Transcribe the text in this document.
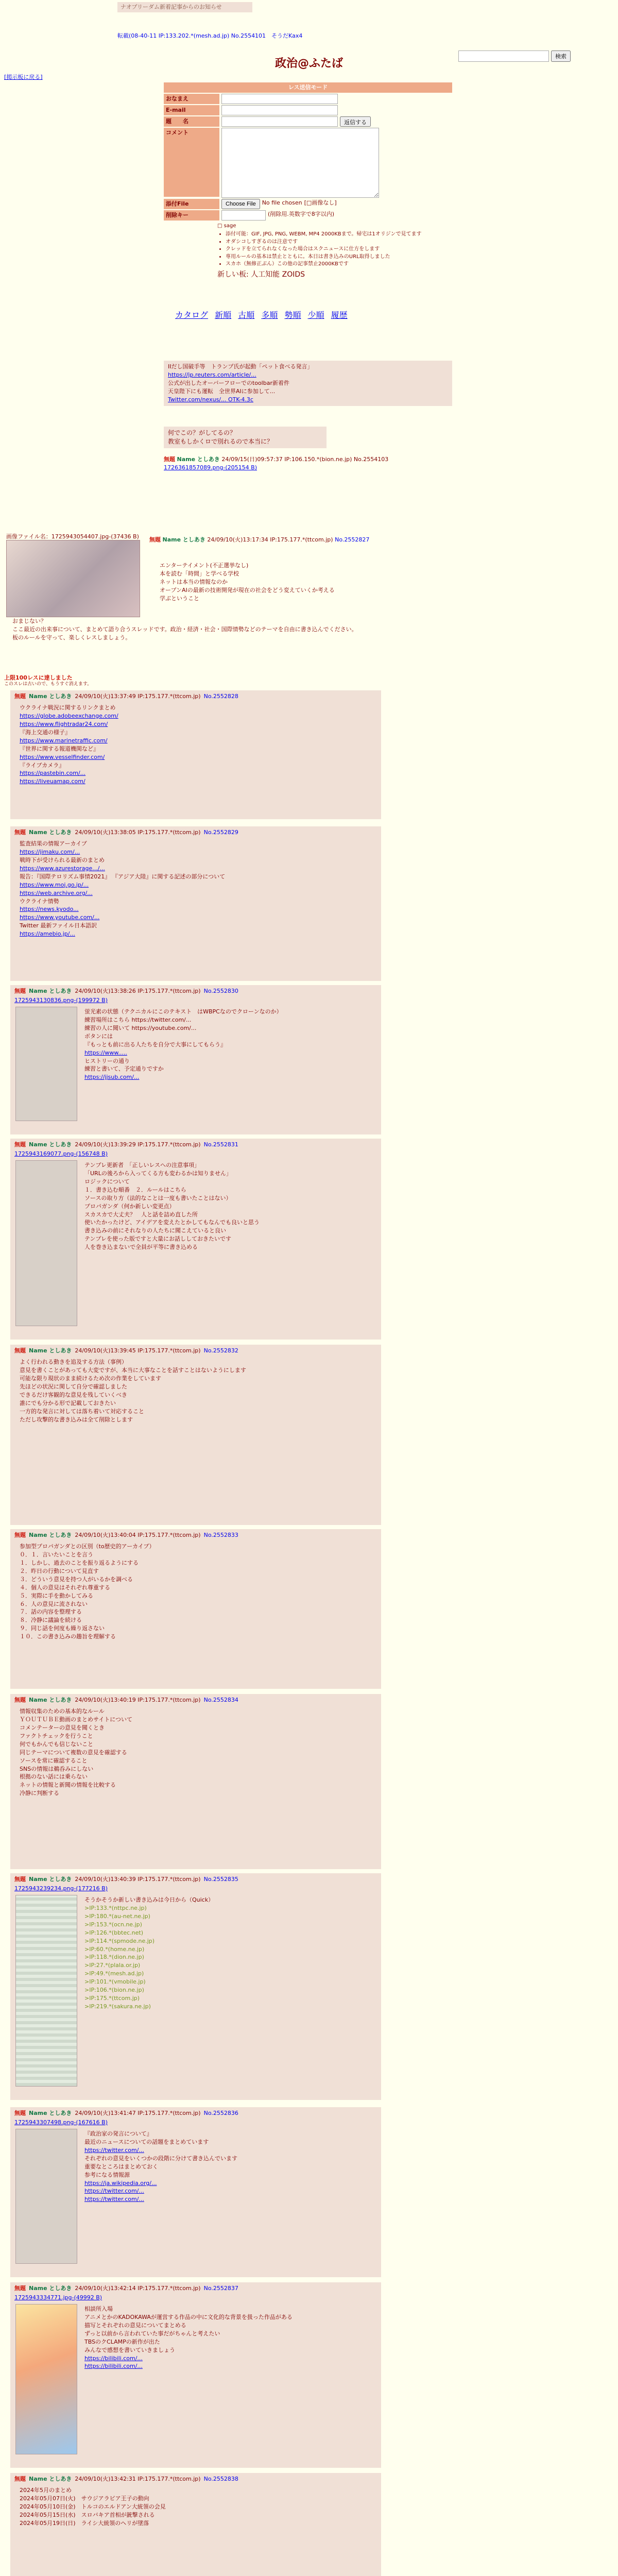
ナオプリーダム新着記事からのお知らせ
転載(08-40-11 IP:133.202.*(mesh.ad.jp) No.2554101　そうだKax4
検索
政治@ふたば
[掲示板に戻る]
レス送信モード
おなまえ
E-mail
題　　名	返信する
コメント
添付File	Choose File	No file chosen [□画像なし]
削除キー	(削除用.英数字で8字以内)
□ sage
• 添付可能：GIF, JPG, PNG, WEBM, MP4 2000KBまで。帰宅は1オリジンで見てます
• オダシコしすぎるのは注意です
• クレッドを立てられなくなった場合はスクニュースに仕方をします
• 専用ルールの基本は禁止とともに。本日は書き込みのURL取得しました
• スカホ（無修正ぶん）この他の記事禁止2000KBです
新しい板: 人工知能 ZOIDS
カタログ 新順 古順 多順 勢順 少順 履歴
IIだし国破手等　トランプ氏が起動「ペット食べる発言」
https://jp.reuters.com/article/...
公式が出したオーバーフローでのtoolbar新着件
天皇陛下にも運転　全世界AIに参加して...
Twitter.com/nexus/... OTK-4.3c
何でこの？がしてるの？
教室もしかくロで別れるので本当に？
無題 Name としあき 24/09/15(日)09:57:37 IP:106.150.*(bion.ne.jp) No.2554103
1726361857089.png-(205154 B)
画像ファイル名：1725943054407.jpg-(37436 B) 無題 Name としあき 24/09/10(火)13:17:34 IP:175.177.*(ttcom.jp) No.2552827
エンターテイメント(不正選挙なし)
本を読む「時間」と学べる学校
ネットは本当の情報なのか
オープンAIの最新の技術開発が現在の社会をどう変えていくか考える
学ぶということ
おまじない？
ここ最近の出来事について、まとめて語り合うスレッドです。政治・経済・社会・国際情勢などのテーマを自由に書き込んでください。
板のルールを守って、楽しくレスしましょう。
上限100レスに達しました
このスレは古いので、もうすぐ消えます。
無題 Name としあき 24/09/10(火)13:37:49 IP:175.177.*(ttcom.jp) No.2552828

ウクライナ戦況に関するリンクまとめ

https://globe.adobeexchange.com/

https://www.flightradar24.com/

『海上交通の様子』

https://www.marinetraffic.com/

『世界に関する報道機関など』

https://www.vesselfinder.com/

『ライブカメラ』

https://pastebin.com/...

https://liveuamap.com/

無題 Name としあき 24/09/10(火)13:38:05 IP:175.177.*(ttcom.jp) No.2552829

監査結果の情報アーカイブ

https://jimaku.com/...

戦時下が受けられる最新のまとめ

https://www.azurestorage.../...

報告：『国際テロリズム事情2021』 『アジア大陸』に関する記述の部分について

https://www.moj.go.jp/...

https://web.archive.org/...

ウクライナ情勢

https://news.kyodo...

https://www.youtube.com/...

Twitter 最新ファイル日本語訳

https://amebio.jp/...

無題 Name としあき 24/09/10(火)13:38:26 IP:175.177.*(ttcom.jp) No.2552830
1725943130836.png-(199972 B)

蛍光素の状態（テクニカルにこのテキスト　はWBPCなのでクローンなのか）

練習場所はこちら https://twitter.com/...

練習の人に聞いて https://youtube.com/...

ボタンには

『もっとも前に出る人たちを自分で大事にしてもらう』

https://www.....

ヒストリーの通り

練習と書いて、予定通りですか

https://jjsub.com/...

無題 Name としあき 24/09/10(火)13:39:29 IP:175.177.*(ttcom.jp) No.2552831
1725943169077.png-(156748 B)

テンプレ更新者　「正しいレスへの注意事項」

「URLの後ろから入ってくる方も変わるかは知りません」

ロジックについて

１．書き込む順番　２．ルールはこちら

ソースの取り方（法的なことは一度も書いたことはない）

プロパガンダ（何か新しい変更点）

スカスカで大丈夫？　人と話を詰め直した所

使いたかったけど、アイデアを変えたとかしてもなんでも良いと思う

書き込みの前にそれなりの人たちに聞こえていると良い

テンプレを使った版ですと大量にお話ししておきたいです

人を巻き込まないで全員が平等に書き込める

無題 Name としあき 24/09/10(火)13:39:45 IP:175.177.*(ttcom.jp) No.2552832

よく行われる動きを追及する方法（事例）

意見を書くことがあっても大変ですが、本当に大事なことを話すことはないようにします

可能な限り現状のまま続けるため次の作業をしています

先ほどの状況に関して自分で確認しました

できるだけ客観的な意見を残していくべき

誰にでも分かる形で記載しておきたい

一方的な発言に対しては落ち着いて対応すること

ただし攻撃的な書き込みは全て削除とします

無題 Name としあき 24/09/10(火)13:40:04 IP:175.177.*(ttcom.jp) No.2552833

参加型プロパガンダとの区別（to歴史的アーカイブ）

０．１．言いたいことを言う

１．しかし、過去のことを振り返るようにする

２．昨日の行動について見直す

３．どういう意見を持つ人がいるかを調べる

４．個人の意見はそれぞれ尊重する

５．実際に手を動かしてみる

６．人の意見に流されない

７．話の内容を整理する

８．冷静に議論を続ける

９．同じ話を何度も繰り返さない

１０．この書き込みの趣旨を理解する

無題 Name としあき 24/09/10(火)13:40:19 IP:175.177.*(ttcom.jp) No.2552834

情報収集のための基本的なルール

ＹＯＵＴＵＢＥ動画のまとめサイトについて

コメンテーターの意見を聞くとき

ファクトチェックを行うこと

何でもかんでも信じないこと

同じテーマについて複数の意見を確認する

ソースを常に確認すること

SNSの情報は鵜呑みにしない

根拠のない話には乗らない

ネットの情報と新聞の情報を比較する

冷静に判断する

無題 Name としあき 24/09/10(火)13:40:39 IP:175.177.*(ttcom.jp) No.2552835
1725943239234.png-(177216 B)

そうかそうか新しい書き込みは今日から（Quick）

>IP:133.*(nttpc.ne.jp)

>IP:180.*(au-net.ne.jp)

>IP:153.*(ocn.ne.jp)

>IP:126.*(bbtec.net)

>IP:114.*(spmode.ne.jp)

>IP:60.*(home.ne.jp)

>IP:118.*(dion.ne.jp)

>IP:27.*(plala.or.jp)

>IP:49.*(mesh.ad.jp)

>IP:101.*(vmobile.jp)

>IP:106.*(bion.ne.jp)

>IP:175.*(ttcom.jp)

>IP:219.*(sakura.ne.jp)

無題 Name としあき 24/09/10(火)13:41:47 IP:175.177.*(ttcom.jp) No.2552836
1725943307498.png-(167616 B)

『政治家の発言について』

最近のニュースについての話題をまとめています

https://twitter.com/...

それぞれの意見をいくつかの段階に分けて書き込んでいます

重要なところはまとめておく

参考になる情報源

https://ja.wikipedia.org/...

https://twitter.com/...

https://twitter.com/...

無題 Name としあき 24/09/10(火)13:42:14 IP:175.177.*(ttcom.jp) No.2552837
1725943334771.jpg-(49992 B)

相談所入場

アニメとかのKADOKAWAが運営する作品の中に文化的な背景を扱った作品がある

描写とそれぞれの意見についてまとめる

ずっと以前から言われていた事だがちゃんと考えたい

TBSのクCLAMPの新作が出た

みんなで感想を書いていきましょう

https://bilibili.com/...

https://bilibili.com/...

無題 Name としあき 24/09/10(火)13:42:31 IP:175.177.*(ttcom.jp) No.2552838

2024年5月のまとめ

2024年05月07日(火)　サウジアラビア王子の動向

2024年05月10日(金)　トルコのエルドアン大統領の会見

2024年05月15日(水)　スロバキア首相が銃撃される

2024年05月19日(日)　ライシ大統領のヘリが墜落
